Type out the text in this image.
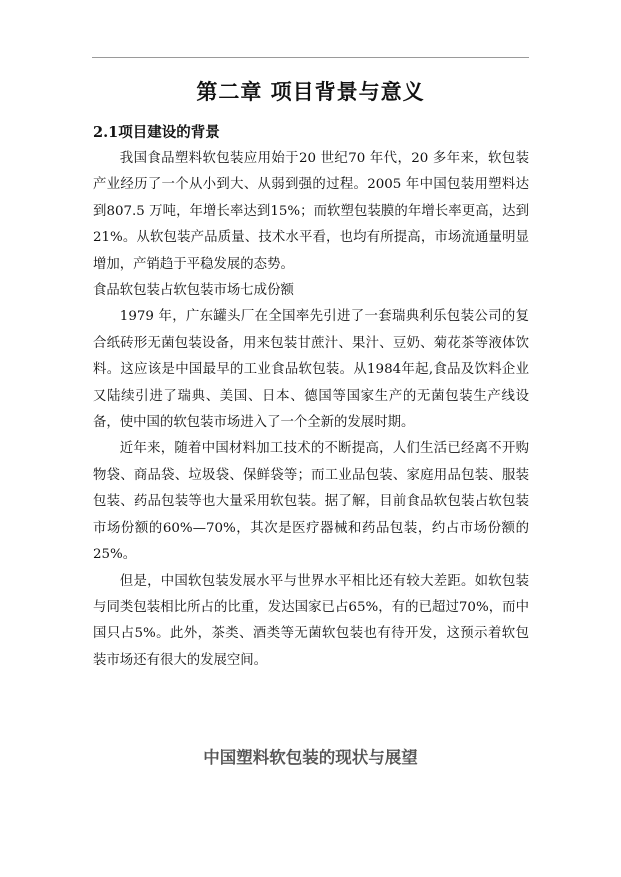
第二章 项目背景与意义
2.1项目建设的背景

我国食品塑料软包装应用始于20 世纪70 年代，20 多年来，软包装产业经历了一个从小到大、从弱到强的过程。2005 年中国包装用塑料达到807.5 万吨，年增长率达到15%；而软塑包装膜的年增长率更高，达到21%。从软包装产品质量、技术水平看，也均有所提高，市场流通量明显增加，产销趋于平稳发展的态势。

食品软包装占软包装市场七成份额

1979 年，广东罐头厂在全国率先引进了一套瑞典利乐包装公司的复合纸砖形无菌包装设备，用来包装甘蔗汁、果汁、豆奶、菊花茶等液体饮料。这应该是中国最早的工业食品软包装。从1984年起,食品及饮料企业又陆续引进了瑞典、美国、日本、德国等国家生产的无菌包装生产线设备，使中国的软包装市场进入了一个全新的发展时期。

近年来，随着中国材料加工技术的不断提高，人们生活已经离不开购物袋、商品袋、垃圾袋、保鲜袋等；而工业品包装、家庭用品包装、服装包装、药品包装等也大量采用软包装。据了解，目前食品软包装占软包装市场份额的60%—70%，其次是医疗器械和药品包装，约占市场份额的25%。

但是，中国软包装发展水平与世界水平相比还有较大差距。如软包装与同类包装相比所占的比重，发达国家已占65%，有的已超过70%，而中国只占5%。此外，茶类、酒类等无菌软包装也有待开发，这预示着软包装市场还有很大的发展空间。

中国塑料软包装的现状与展望
